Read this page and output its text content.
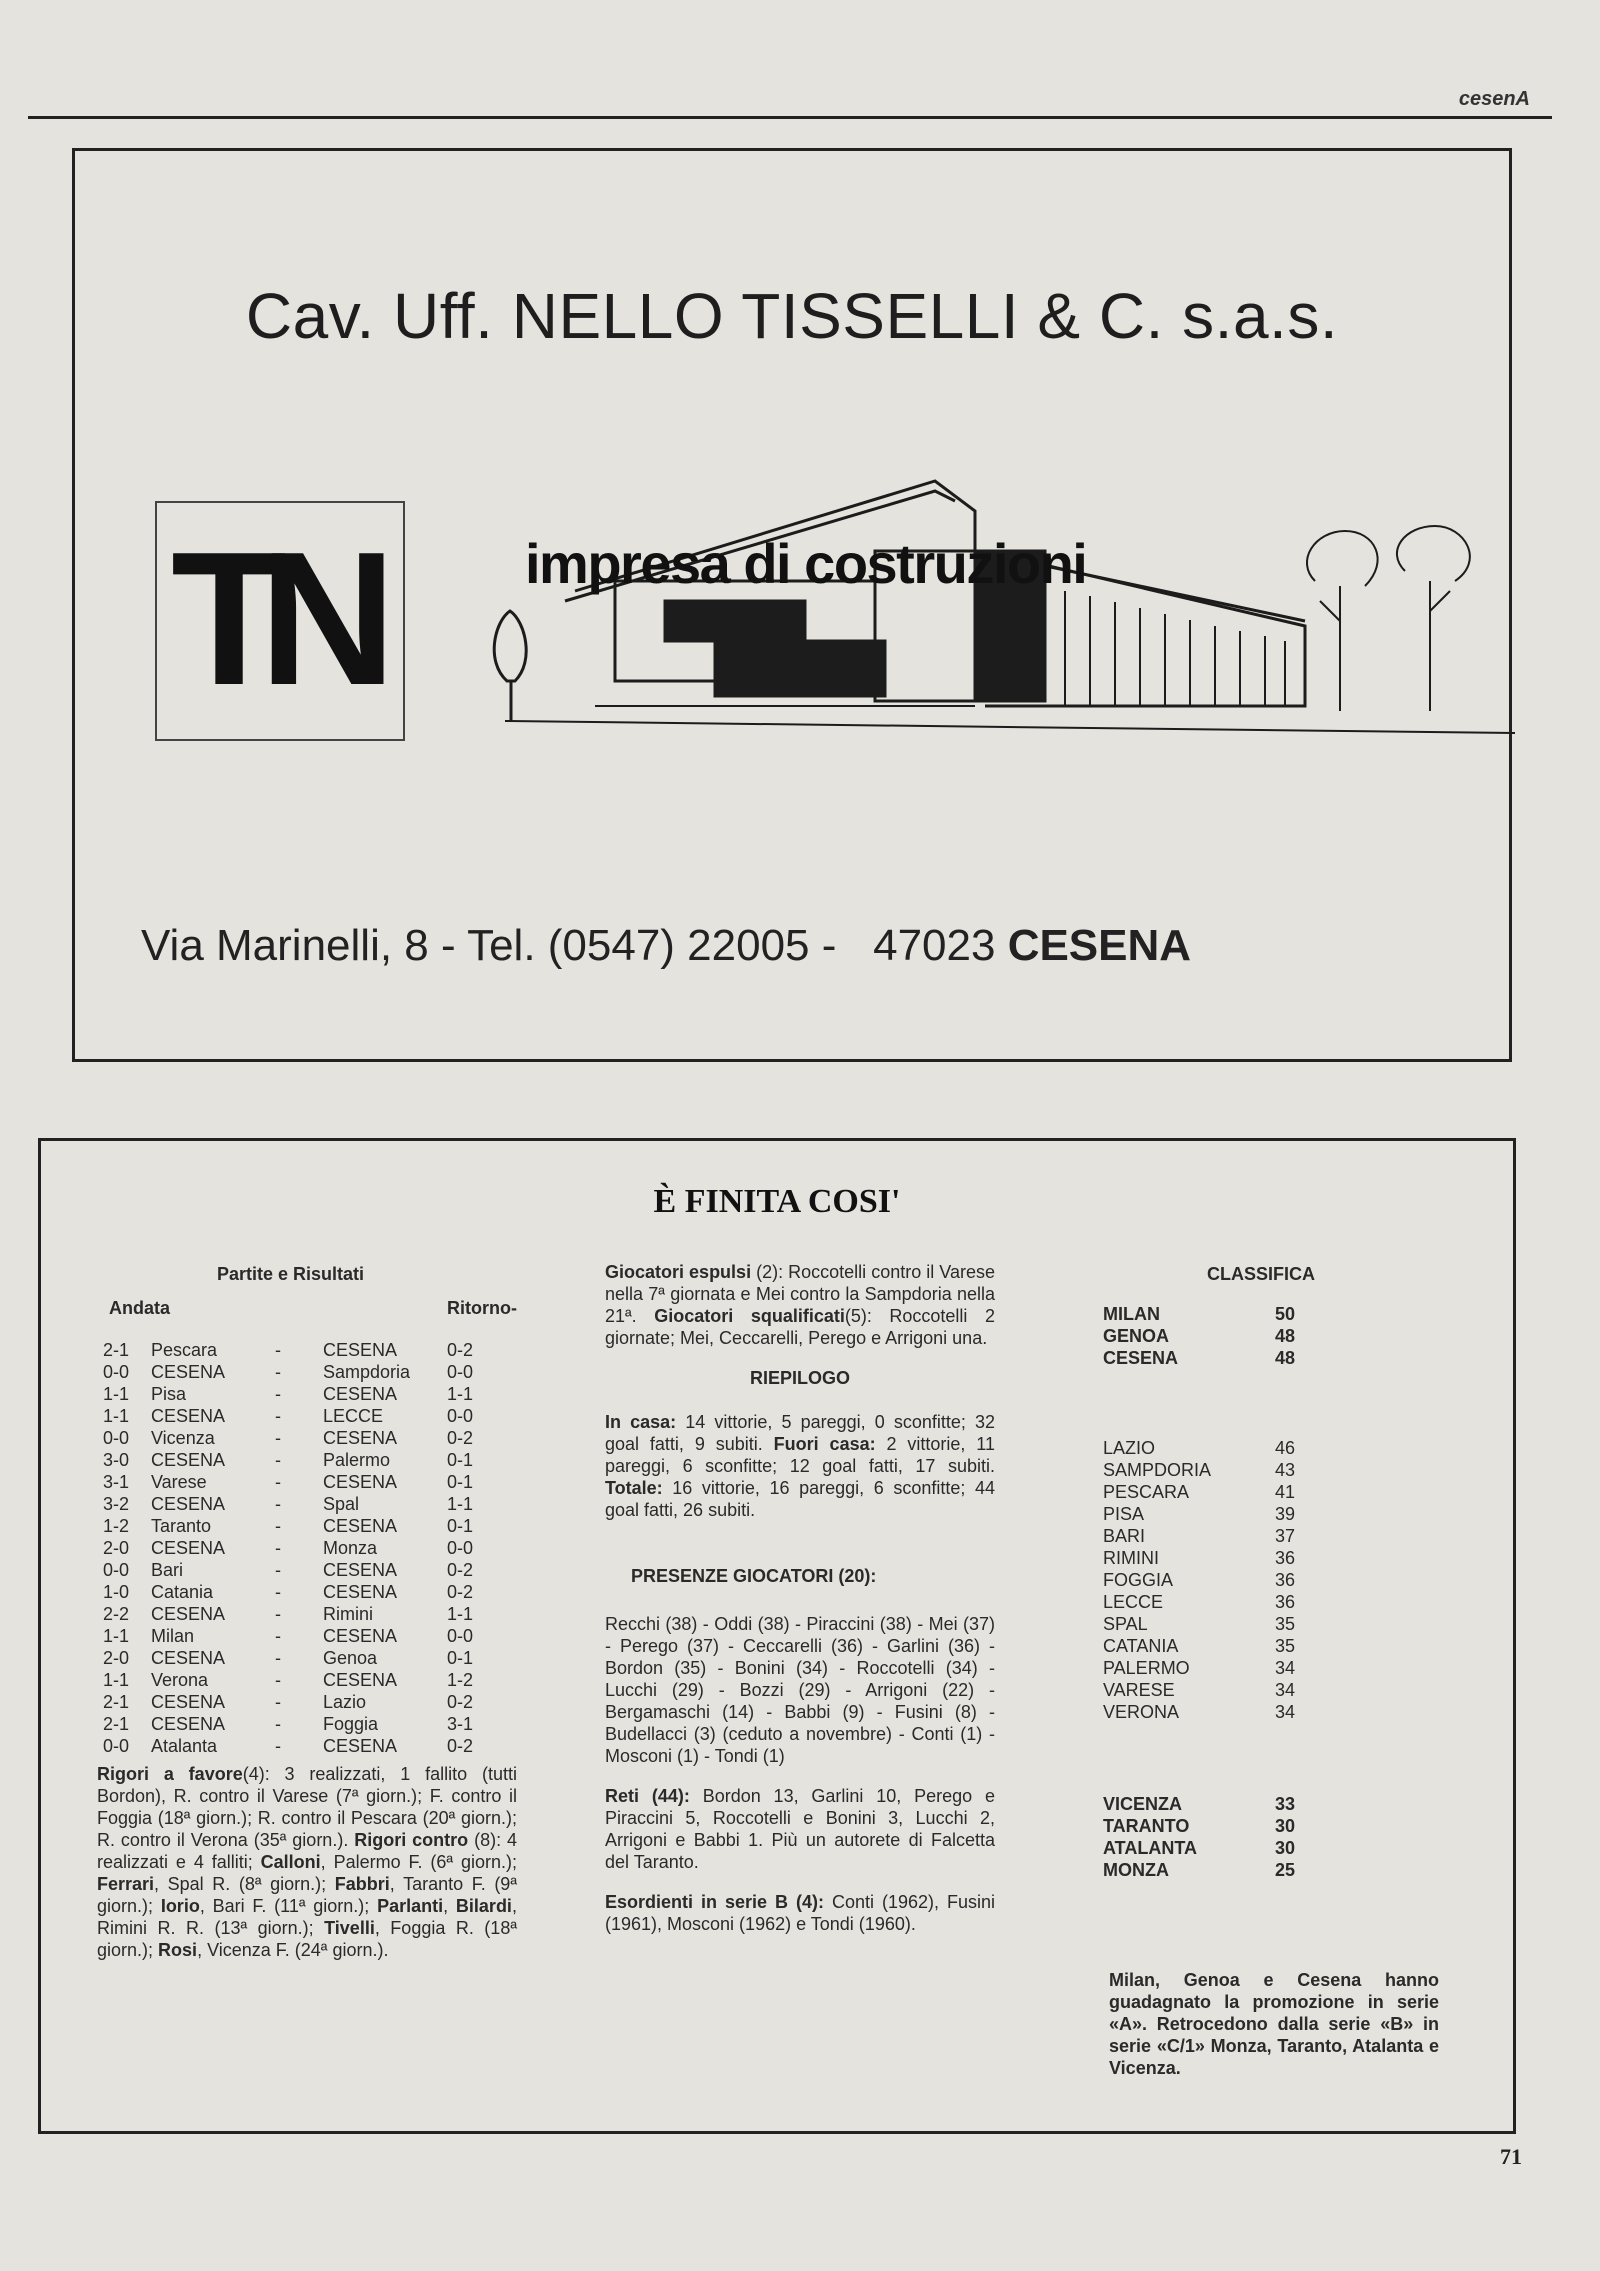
cesenA
Cav. Uff. NELLO TISSELLI & C. s.a.s.
TN	impresa di costruzioni
Via Marinelli, 8 - Tel. (0547) 22005 - 47023 CESENA
È FINITA COSI'
Partite e Risultati
Andata	Ritorno-
2-1	Pescara	-	CESENA	0-2
0-0	CESENA	-	Sampdoria	0-0
1-1	Pisa	-	CESENA	1-1
1-1	CESENA	-	LECCE	0-0
0-0	Vicenza	-	CESENA	0-2
3-0	CESENA	-	Palermo	0-1
3-1	Varese	-	CESENA	0-1
3-2	CESENA	-	Spal	1-1
1-2	Taranto	-	CESENA	0-1
2-0	CESENA	-	Monza	0-0
0-0	Bari	-	CESENA	0-2
1-0	Catania	-	CESENA	0-2
2-2	CESENA	-	Rimini	1-1
1-1	Milan	-	CESENA	0-0
2-0	CESENA	-	Genoa	0-1
1-1	Verona	-	CESENA	1-2
2-1	CESENA	-	Lazio	0-2
2-1	CESENA	-	Foggia	3-1
0-0	Atalanta	-	CESENA	0-2
Rigori a favore(4): 3 realizzati, 1 fallito (tutti Bordon), R. contro il Varese (7ª giorn.); F. contro il Foggia (18ª giorn.); R. contro il Pescara (20ª giorn.); R. contro il Verona (35ª giorn.). Rigori contro (8): 4 realizzati e 4 falliti; Calloni, Palermo F. (6ª giorn.); Ferrari, Spal R. (8ª giorn.); Fabbri, Taranto F. (9ª giorn.); Iorio, Bari F. (11ª giorn.); Parlanti, Bilardi, Rimini R. R. (13ª giorn.); Tivelli, Foggia R. (18ª giorn.); Rosi, Vicenza F. (24ª giorn.).
Giocatori espulsi (2): Roccotelli contro il Varese nella 7ª giornata e Mei contro la Sampdoria nella 21ª. Giocatori squalificati(5): Roccotelli 2 giornate; Mei, Ceccarelli, Perego e Arrigoni una.
RIEPILOGO
In casa: 14 vittorie, 5 pareggi, 0 sconfitte; 32 goal fatti, 9 subiti. Fuori casa: 2 vittorie, 11 pareggi, 6 sconfitte; 12 goal fatti, 17 subiti. Totale: 16 vittorie, 16 pareggi, 6 sconfitte; 44 goal fatti, 26 subiti.
PRESENZE GIOCATORI (20):
Recchi (38) - Oddi (38) - Piraccini (38) - Mei (37) - Perego (37) - Ceccarelli (36) - Garlini (36) - Bordon (35) - Bonini (34) - Roccotelli (34) - Lucchi (29) - Bozzi (29) - Arrigoni (22) - Bergamaschi (14) - Babbi (9) - Fusini (8) - Budellacci (3) (ceduto a novembre) - Conti (1) - Mosconi (1) - Tondi (1)
Reti (44): Bordon 13, Garlini 10, Perego e Piraccini 5, Roccotelli e Bonini 3, Lucchi 2, Arrigoni e Babbi 1. Più un autorete di Falcetta del Taranto.
Esordienti in serie B (4): Conti (1962), Fusini (1961), Mosconi (1962) e Tondi (1960).
CLASSIFICA
MILAN	50
GENOA	48
CESENA	48

LAZIO	46
SAMPDORIA	43
PESCARA	41
PISA	39
BARI	37
RIMINI	36
FOGGIA	36
LECCE	36
SPAL	35
CATANIA	35
PALERMO	34
VARESE	34
VERONA	34

VICENZA	33
TARANTO	30
ATALANTA	30
MONZA	25
Milan, Genoa e Cesena hanno guadagnato la promozione in serie «A». Retrocedono dalla serie «B» in serie «C/1» Monza, Taranto, Atalanta e Vicenza.
71
